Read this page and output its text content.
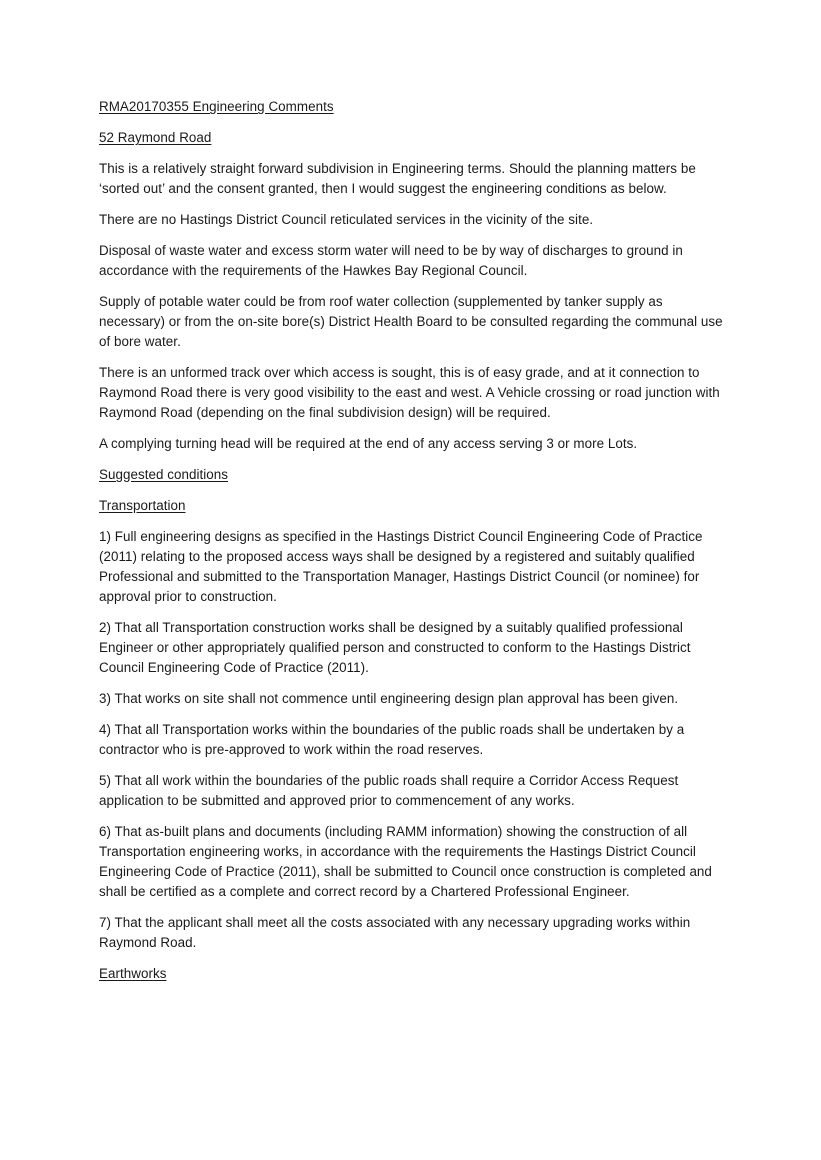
RMA20170355 Engineering Comments

52 Raymond Road

This is a relatively straight forward subdivision in Engineering terms. Should the planning matters be ‘sorted out’ and the consent granted, then I would suggest the engineering conditions as below.

There are no Hastings District Council reticulated services in the vicinity of the site.

Disposal of waste water and excess storm water will need to be by way of discharges to ground in accordance with the requirements of the Hawkes Bay Regional Council.

Supply of potable water could be from roof water collection (supplemented by tanker supply as necessary) or from the on-site bore(s) District Health Board to be consulted regarding the communal use of bore water.

There is an unformed track over which access is sought, this is of easy grade, and at it connection to Raymond Road there is very good visibility to the east and west. A Vehicle crossing or road junction with Raymond Road (depending on the final subdivision design) will be required.

A complying turning head will be required at the end of any access serving 3 or more Lots.

Suggested conditions

Transportation

1) Full engineering designs as specified in the Hastings District Council Engineering Code of Practice (2011) relating to the proposed access ways shall be designed by a registered and suitably qualified Professional and submitted to the Transportation Manager, Hastings District Council (or nominee) for approval prior to construction.

2) That all Transportation construction works shall be designed by a suitably qualified professional Engineer or other appropriately qualified person and constructed to conform to the Hastings District Council Engineering Code of Practice (2011).

3) That works on site shall not commence until engineering design plan approval has been given.

4) That all Transportation works within the boundaries of the public roads shall be undertaken by a contractor who is pre-approved to work within the road reserves.

5) That all work within the boundaries of the public roads shall require a Corridor Access Request application to be submitted and approved prior to commencement of any works.

6) That as-built plans and documents (including RAMM information) showing the construction of all Transportation engineering works, in accordance with the requirements the Hastings District Council Engineering Code of Practice (2011), shall be submitted to Council once construction is completed and shall be certified as a complete and correct record by a Chartered Professional Engineer.

7) That the applicant shall meet all the costs associated with any necessary upgrading works within Raymond Road.

Earthworks
